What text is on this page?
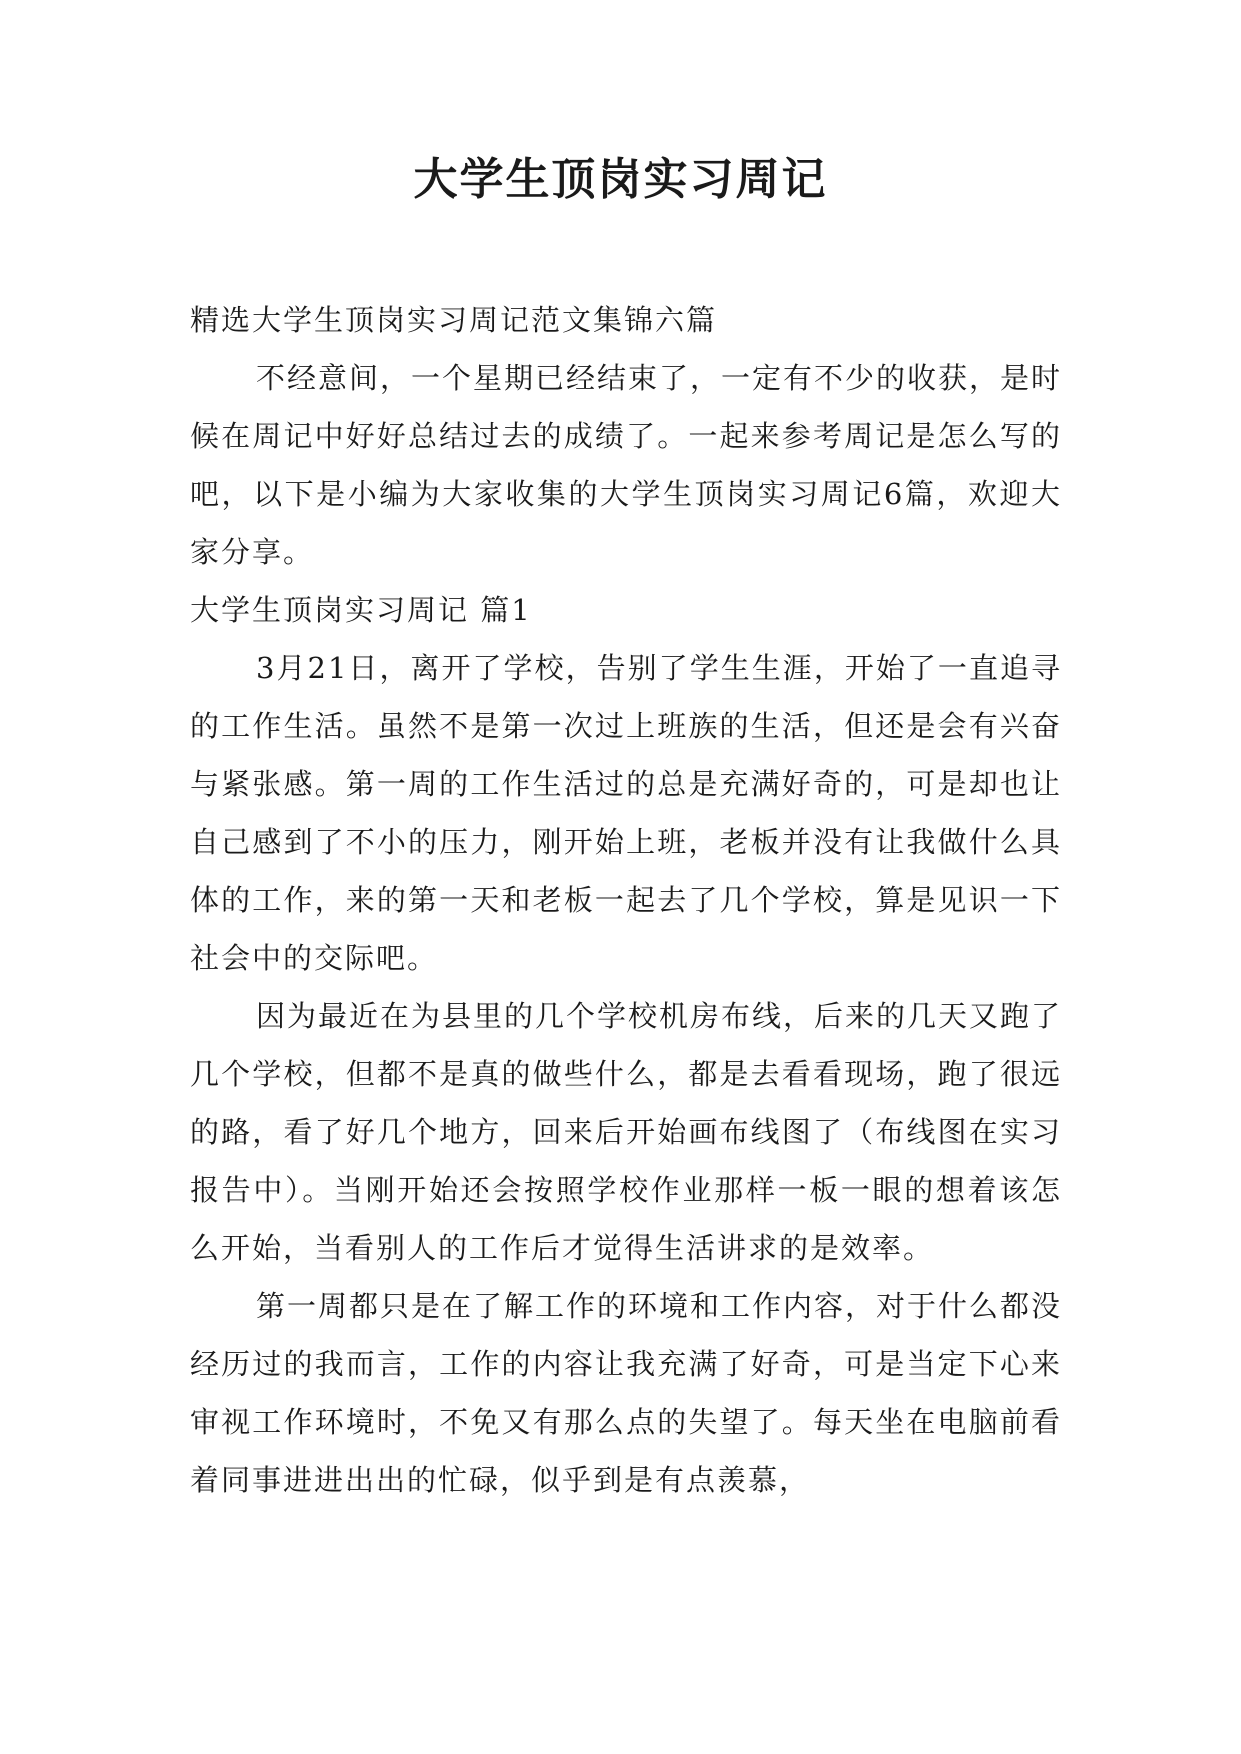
大学生顶岗实习周记

精选大学生顶岗实习周记范文集锦六篇

不经意间，一个星期已经结束了，一定有不少的收获，是时候在周记中好好总结过去的成绩了。一起来参考周记是怎么写的吧，以下是小编为大家收集的大学生顶岗实习周记6篇，欢迎大家分享。

大学生顶岗实习周记 篇1

3月21日，离开了学校，告别了学生生涯，开始了一直追寻的工作生活。虽然不是第一次过上班族的生活，但还是会有兴奋与紧张感。第一周的工作生活过的总是充满好奇的，可是却也让自己感到了不小的压力，刚开始上班，老板并没有让我做什么具体的工作，来的第一天和老板一起去了几个学校，算是见识一下社会中的交际吧。

因为最近在为县里的几个学校机房布线，后来的几天又跑了几个学校，但都不是真的做些什么，都是去看看现场，跑了很远的路，看了好几个地方，回来后开始画布线图了（布线图在实习报告中）。当刚开始还会按照学校作业那样一板一眼的想着该怎么开始，当看别人的工作后才觉得生活讲求的是效率。

第一周都只是在了解工作的环境和工作内容，对于什么都没经历过的我而言，工作的内容让我充满了好奇，可是当定下心来审视工作环境时，不免又有那么点的失望了。每天坐在电脑前看着同事进进出出的忙碌，似乎到是有点羡慕，
